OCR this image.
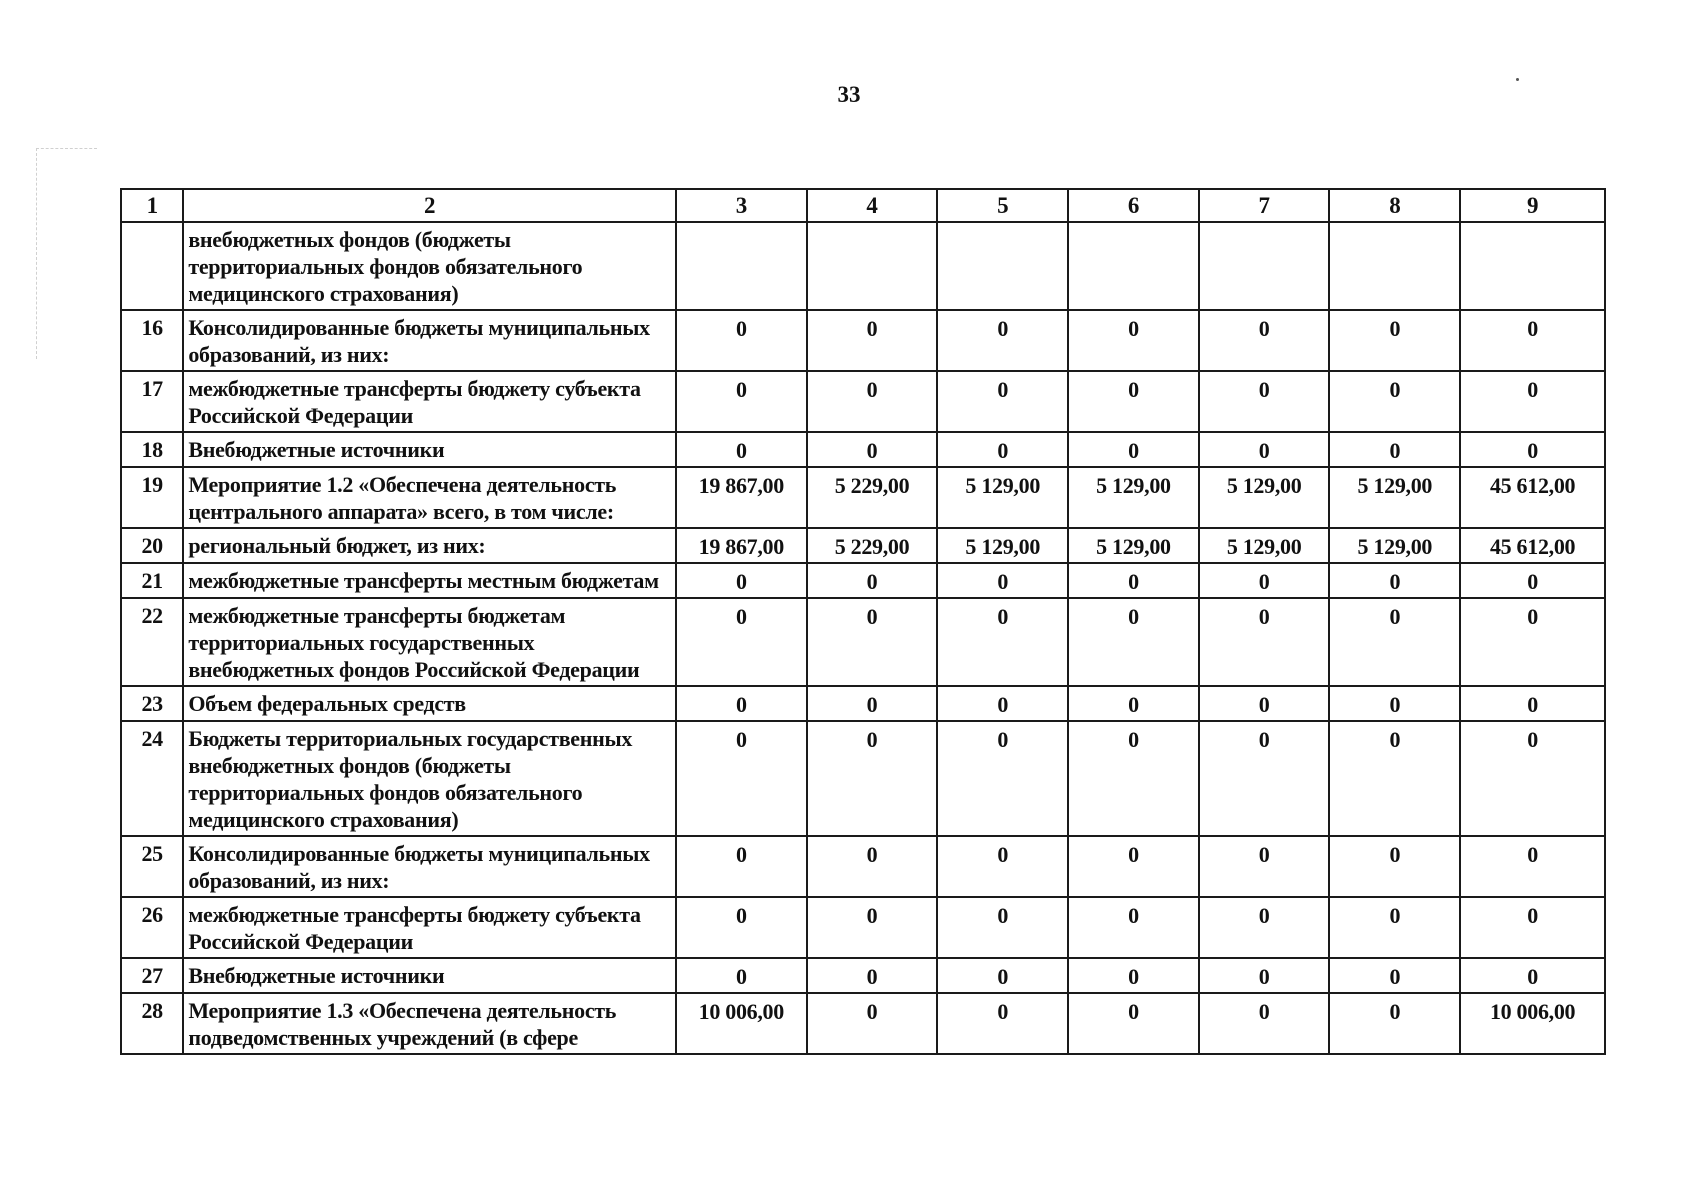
33
1	2	3	4	5	6	7	8	9
	внебюджетных фондов (бюджеты территориальных фондов обязательного медицинского страхования)							
16	Консолидированные бюджеты муниципальных образований, из них:	0	0	0	0	0	0	0
17	межбюджетные трансферты бюджету субъекта Российской Федерации	0	0	0	0	0	0	0
18	Внебюджетные источники	0	0	0	0	0	0	0
19	Мероприятие 1.2 «Обеспечена деятельность центрального аппарата» всего, в том числе:	19 867,00	5 229,00	5 129,00	5 129,00	5 129,00	5 129,00	45 612,00
20	региональный бюджет, из них:	19 867,00	5 229,00	5 129,00	5 129,00	5 129,00	5 129,00	45 612,00
21	межбюджетные трансферты местным бюджетам	0	0	0	0	0	0	0
22	межбюджетные трансферты бюджетам территориальных государственных внебюджетных фондов Российской Федерации	0	0	0	0	0	0	0
23	Объем федеральных средств	0	0	0	0	0	0	0
24	Бюджеты территориальных государственных внебюджетных фондов (бюджеты территориальных фондов обязательного медицинского страхования)	0	0	0	0	0	0	0
25	Консолидированные бюджеты муниципальных образований, из них:	0	0	0	0	0	0	0
26	межбюджетные трансферты бюджету субъекта Российской Федерации	0	0	0	0	0	0	0
27	Внебюджетные источники	0	0	0	0	0	0	0
28	Мероприятие 1.3 «Обеспечена деятельность подведомственных учреждений (в сфере	10 006,00	0	0	0	0	0	10 006,00
